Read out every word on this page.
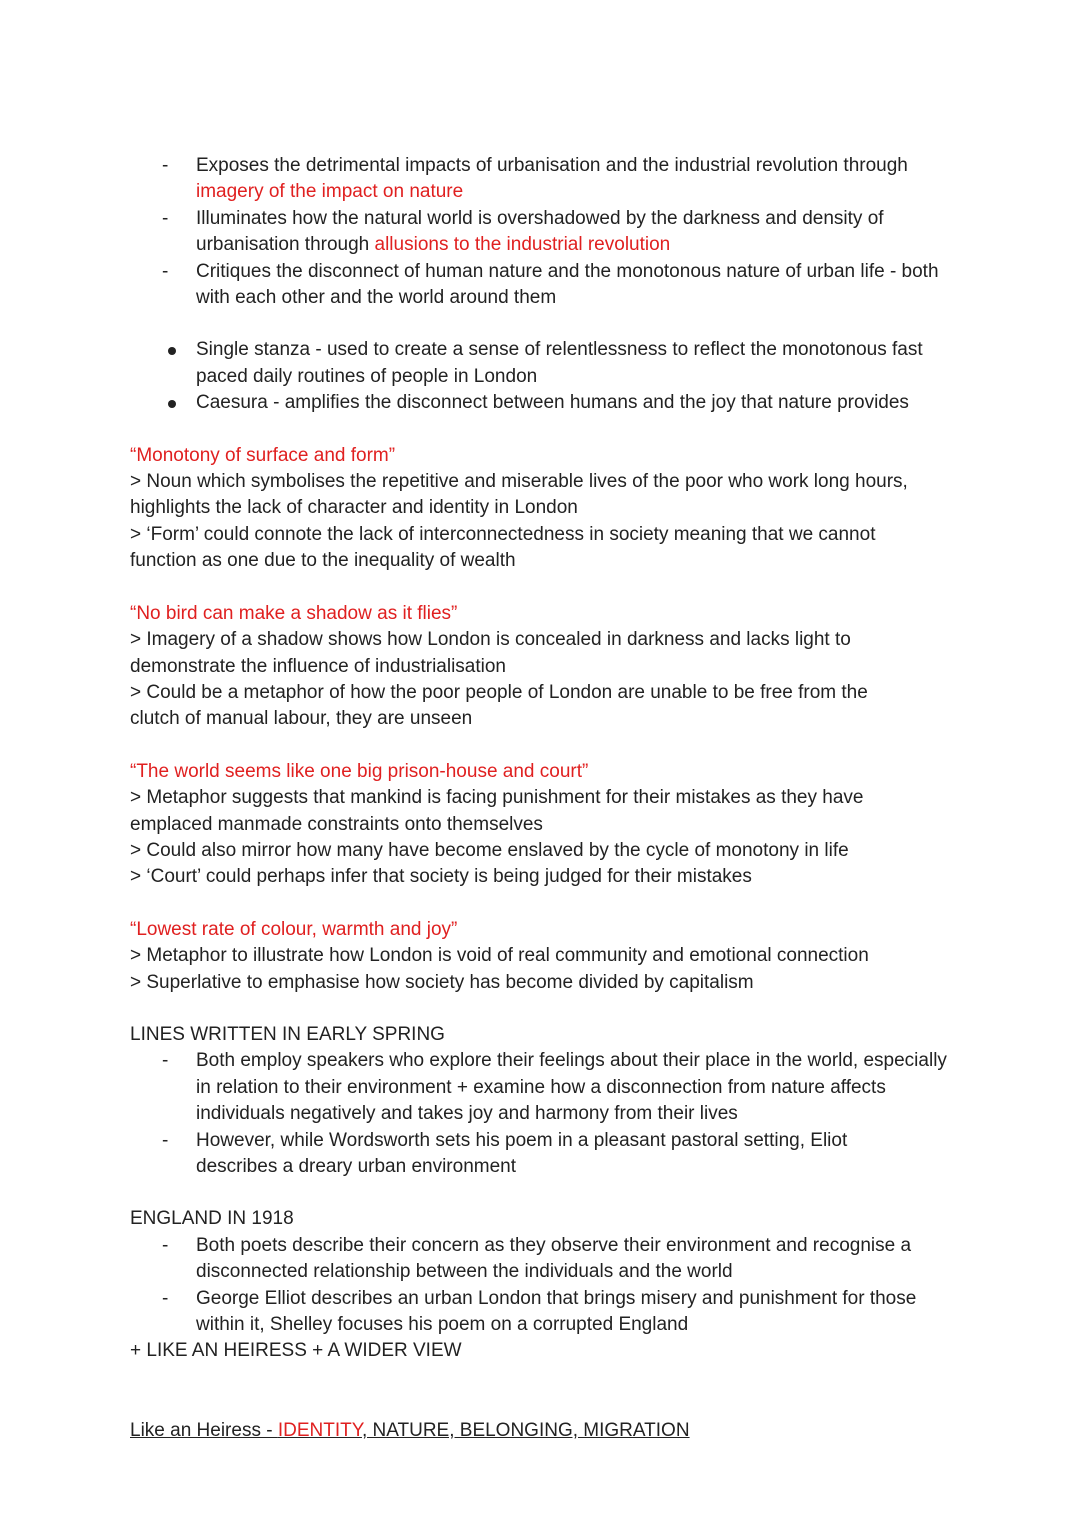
- Exposes the detrimental impacts of urbanisation and the industrial revolution through imagery of the impact on nature
- Illuminates how the natural world is overshadowed by the darkness and density of urbanisation through allusions to the industrial revolution
- Critiques the disconnect of human nature and the monotonous nature of urban life - both with each other and the world around them
Single stanza - used to create a sense of relentlessness to reflect the monotonous fast paced daily routines of people in London
Caesura - amplifies the disconnect between humans and the joy that nature provides

“Monotony of surface and form”

> Noun which symbolises the repetitive and miserable lives of the poor who work long hours, highlights the lack of character and identity in London

> ‘Form’ could connote the lack of interconnectedness in society meaning that we cannot function as one due to the inequality of wealth

“No bird can make a shadow as it flies”

> Imagery of a shadow shows how London is concealed in darkness and lacks light to demonstrate the influence of industrialisation

> Could be a metaphor of how the poor people of London are unable to be free from the clutch of manual labour, they are unseen

“The world seems like one big prison-house and court”

> Metaphor suggests that mankind is facing punishment for their mistakes as they have emplaced manmade constraints onto themselves

> Could also mirror how many have become enslaved by the cycle of monotony in life

> ‘Court’ could perhaps infer that society is being judged for their mistakes

“Lowest rate of colour, warmth and joy”

> Metaphor to illustrate how London is void of real community and emotional connection

> Superlative to emphasise how society has become divided by capitalism

LINES WRITTEN IN EARLY SPRING

- Both employ speakers who explore their feelings about their place in the world, especially in relation to their environment + examine how a disconnection from nature affects individuals negatively and takes joy and harmony from their lives
- However, while Wordsworth sets his poem in a pleasant pastoral setting, Eliot describes a dreary urban environment

ENGLAND IN 1918

- Both poets describe their concern as they observe their environment and recognise a disconnected relationship between the individuals and the world
- George Elliot describes an urban London that brings misery and punishment for those within it, Shelley focuses his poem on a corrupted England

+ LIKE AN HEIRESS + A WIDER VIEW

Like an Heiress - IDENTITY, NATURE, BELONGING, MIGRATION
